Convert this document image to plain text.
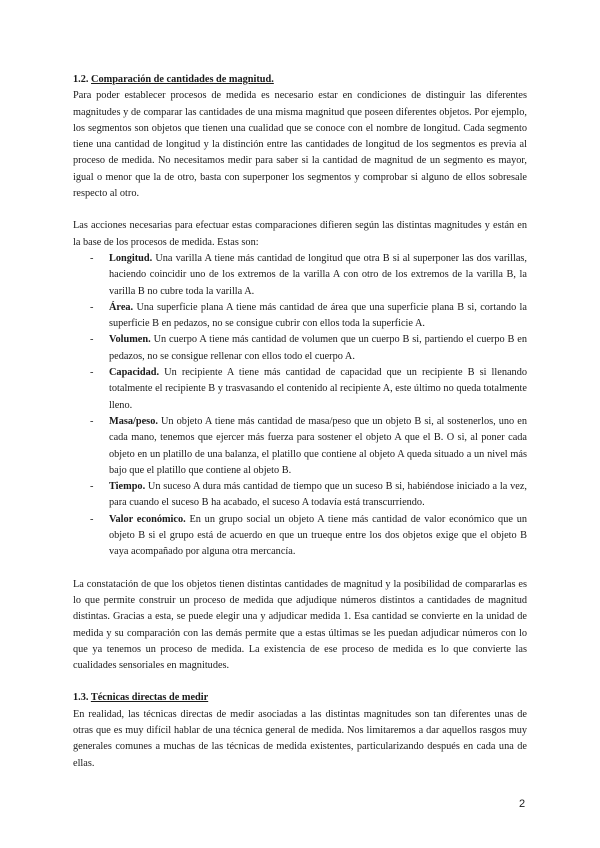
1.2. Comparación de cantidades de magnitud.

Para poder establecer procesos de medida es necesario estar en condiciones de distinguir las diferentes magnitudes y de comparar las cantidades de una misma magnitud que poseen diferentes objetos. Por ejemplo, los segmentos son objetos que tienen una cualidad que se conoce con el nombre de longitud. Cada segmento tiene una cantidad de longitud y la distinción entre las cantidades de longitud de los segmentos es previa al proceso de medida. No necesitamos medir para saber si la cantidad de magnitud de un segmento es mayor, igual o menor que la de otro, basta con superponer los segmentos y comprobar si alguno de ellos sobresale respecto al otro.

Las acciones necesarias para efectuar estas comparaciones difieren según las distintas magnitudes y están en la base de los procesos de medida. Estas son:

- Longitud. Una varilla A tiene más cantidad de longitud que otra B si al superponer las dos varillas, haciendo coincidir uno de los extremos de la varilla A con otro de los extremos de la varilla B, la varilla B no cubre toda la varilla A.
- Área. Una superficie plana A tiene más cantidad de área que una superficie plana B si, cortando la superficie B en pedazos, no se consigue cubrir con ellos toda la superficie A.
- Volumen. Un cuerpo A tiene más cantidad de volumen que un cuerpo B si, partiendo el cuerpo B en pedazos, no se consigue rellenar con ellos todo el cuerpo A.
- Capacidad. Un recipiente A tiene más cantidad de capacidad que un recipiente B si llenando totalmente el recipiente B y trasvasando el contenido al recipiente A, este último no queda totalmente lleno.
- Masa/peso. Un objeto A tiene más cantidad de masa/peso que un objeto B si, al sostenerlos, uno en cada mano, tenemos que ejercer más fuerza para sostener el objeto A que el B. O si, al poner cada objeto en un platillo de una balanza, el platillo que contiene al objeto A queda situado a un nivel más bajo que el platillo que contiene al objeto B.
- Tiempo. Un suceso A dura más cantidad de tiempo que un suceso B si, habiéndose iniciado a la vez, para cuando el suceso B ha acabado, el suceso A todavía está transcurriendo.
- Valor económico. En un grupo social un objeto A tiene más cantidad de valor económico que un objeto B si el grupo está de acuerdo en que un trueque entre los dos objetos exige que el objeto B vaya acompañado por alguna otra mercancía.

La constatación de que los objetos tienen distintas cantidades de magnitud y la posibilidad de compararlas es lo que permite construir un proceso de medida que adjudique números distintos a cantidades de magnitud distintas. Gracias a esta, se puede elegir una y adjudicar medida 1. Esa cantidad se convierte en la unidad de medida y su comparación con las demás permite que a estas últimas se les puedan adjudicar números con lo que ya tenemos un proceso de medida. La existencia de ese proceso de medida es lo que convierte las cualidades sensoriales en magnitudes.

1.3. Técnicas directas de medir

En realidad, las técnicas directas de medir asociadas a las distintas magnitudes son tan diferentes unas de otras que es muy difícil hablar de una técnica general de medida. Nos limitaremos a dar aquellos rasgos muy generales comunes a muchas de las técnicas de medida existentes, particularizando después en cada una de ellas.

2
